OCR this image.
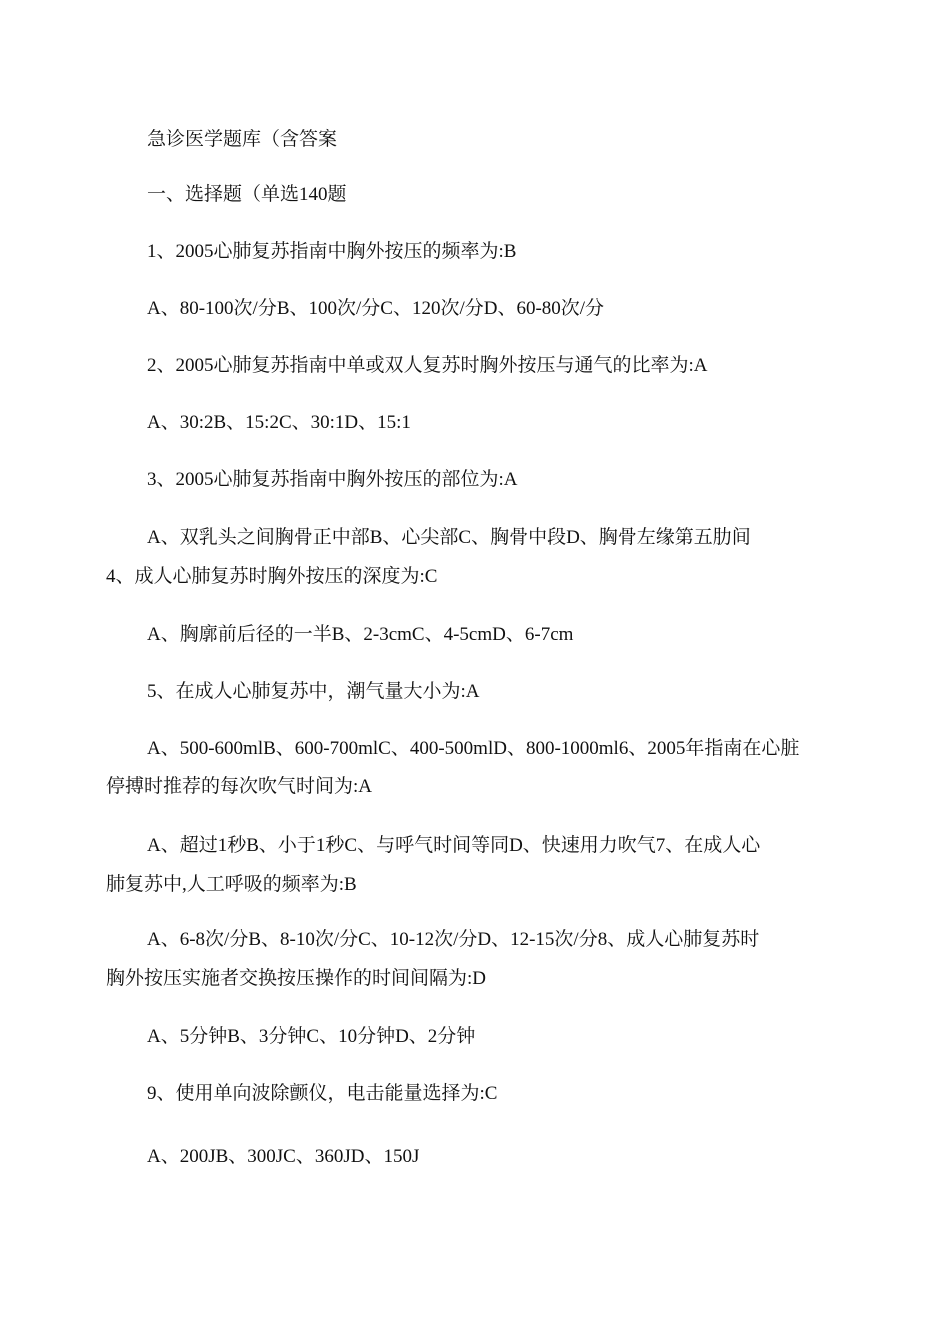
急诊医学题库（含答案
一、选择题（单选140题
1、2005心肺复苏指南中胸外按压的频率为:B
A、80-100次/分B、100次/分C、120次/分D、60-80次/分
2、2005心肺复苏指南中单或双人复苏时胸外按压与通气的比率为:A
A、30:2B、15:2C、30:1D、15:1
3、2005心肺复苏指南中胸外按压的部位为:A
A、双乳头之间胸骨正中部B、心尖部C、胸骨中段D、胸骨左缘第五肋间
4、成人心肺复苏时胸外按压的深度为:C
A、胸廓前后径的一半B、2-3cmC、4-5cmD、6-7cm
5、在成人心肺复苏中，潮气量大小为:A
A、500-600mlB、600-700mlC、400-500mlD、800-1000ml6、2005年指南在心脏
停搏时推荐的每次吹气时间为:A
A、超过1秒B、小于1秒C、与呼气时间等同D、快速用力吹气7、在成人心
肺复苏中,人工呼吸的频率为:B
A、6-8次/分B、8-10次/分C、10-12次/分D、12-15次/分8、成人心肺复苏时
胸外按压实施者交换按压操作的时间间隔为:D
A、5分钟B、3分钟C、10分钟D、2分钟
9、使用单向波除颤仪，电击能量选择为:C
A、200JB、300JC、360JD、150J
